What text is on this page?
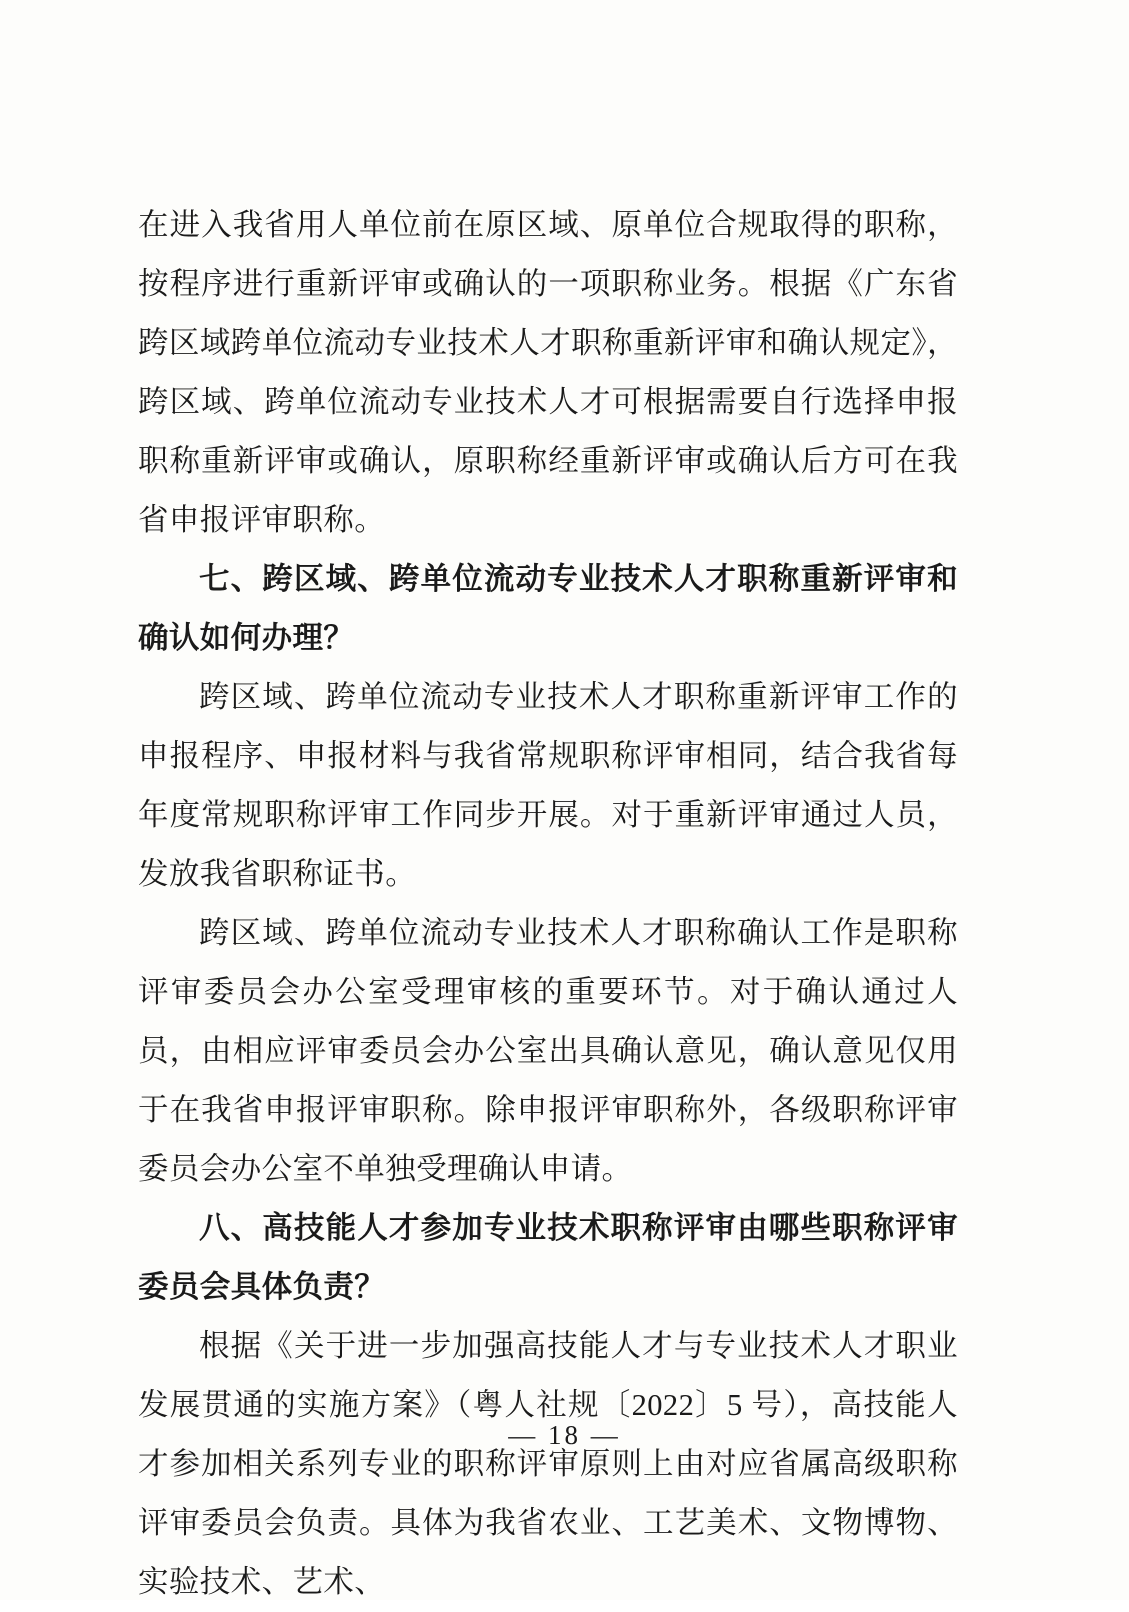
在进入我省用人单位前在原区域、原单位合规取得的职称，按程序进行重新评审或确认的一项职称业务。根据《广东省跨区域跨单位流动专业技术人才职称重新评审和确认规定》，跨区域、跨单位流动专业技术人才可根据需要自行选择申报职称重新评审或确认，原职称经重新评审或确认后方可在我省申报评审职称。

七、跨区域、跨单位流动专业技术人才职称重新评审和确认如何办理？

跨区域、跨单位流动专业技术人才职称重新评审工作的申报程序、申报材料与我省常规职称评审相同，结合我省每年度常规职称评审工作同步开展。对于重新评审通过人员，发放我省职称证书。

跨区域、跨单位流动专业技术人才职称确认工作是职称评审委员会办公室受理审核的重要环节。对于确认通过人员，由相应评审委员会办公室出具确认意见，确认意见仅用于在我省申报评审职称。除申报评审职称外，各级职称评审委员会办公室不单独受理确认申请。

八、高技能人才参加专业技术职称评审由哪些职称评审委员会具体负责？

根据《关于进一步加强高技能人才与专业技术人才职业发展贯通的实施方案》（粤人社规〔2022〕5 号），高技能人才参加相关系列专业的职称评审原则上由对应省属高级职称评审委员会负责。具体为我省农业、工艺美术、文物博物、实验技术、艺术、

— 18 —
